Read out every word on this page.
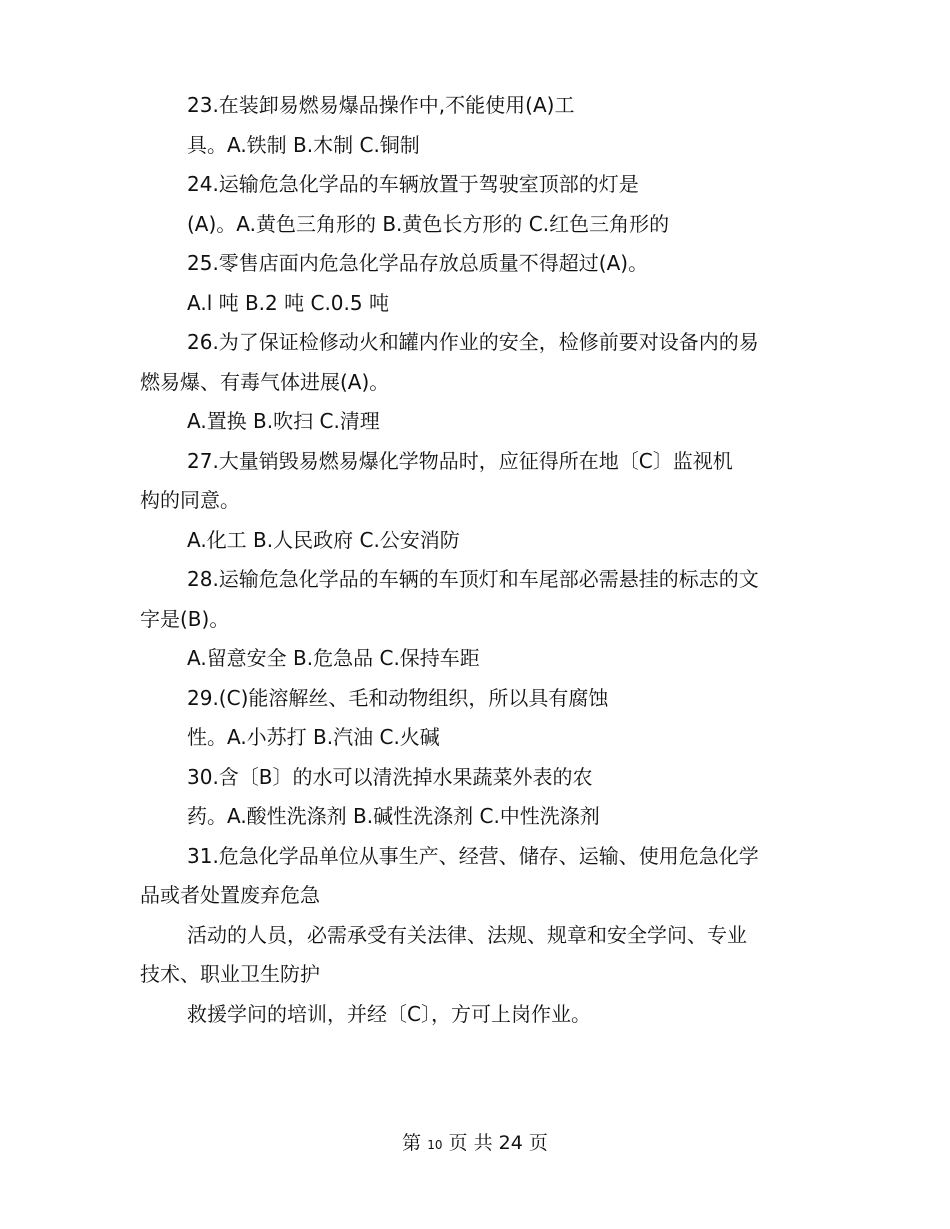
23.在装卸易燃易爆品操作中,不能使用(A)工
具。A.铁制 B.木制 C.铜制
24.运输危急化学品的车辆放置于驾驶室顶部的灯是
(A)。A.黄色三角形的 B.黄色长方形的 C.红色三角形的
25.零售店面内危急化学品存放总质量不得超过(A)。
A.l 吨 B.2 吨 C.0.5 吨
26.为了保证检修动火和罐内作业的安全，检修前要对设备内的易
燃易爆、有毒气体进展(A)。
A.置换 B.吹扫 C.清理
27.大量销毁易燃易爆化学物品时，应征得所在地〔C〕监视机
构的同意。
A.化工 B.人民政府 C.公安消防
28.运输危急化学品的车辆的车顶灯和车尾部必需悬挂的标志的文
字是(B)。
A.留意安全 B.危急品 C.保持车距
29.(C)能溶解丝、毛和动物组织，所以具有腐蚀
性。A.小苏打 B.汽油 C.火碱
30.含〔B〕的水可以清洗掉水果蔬菜外表的农
药。A.酸性洗涤剂 B.碱性洗涤剂 C.中性洗涤剂
31.危急化学品单位从事生产、经营、储存、运输、使用危急化学
品或者处置废弃危急
活动的人员，必需承受有关法律、法规、规章和安全学问、专业
技术、职业卫生防护
救援学问的培训，并经〔C〕，方可上岗作业。
第 10 页 共 24 页
